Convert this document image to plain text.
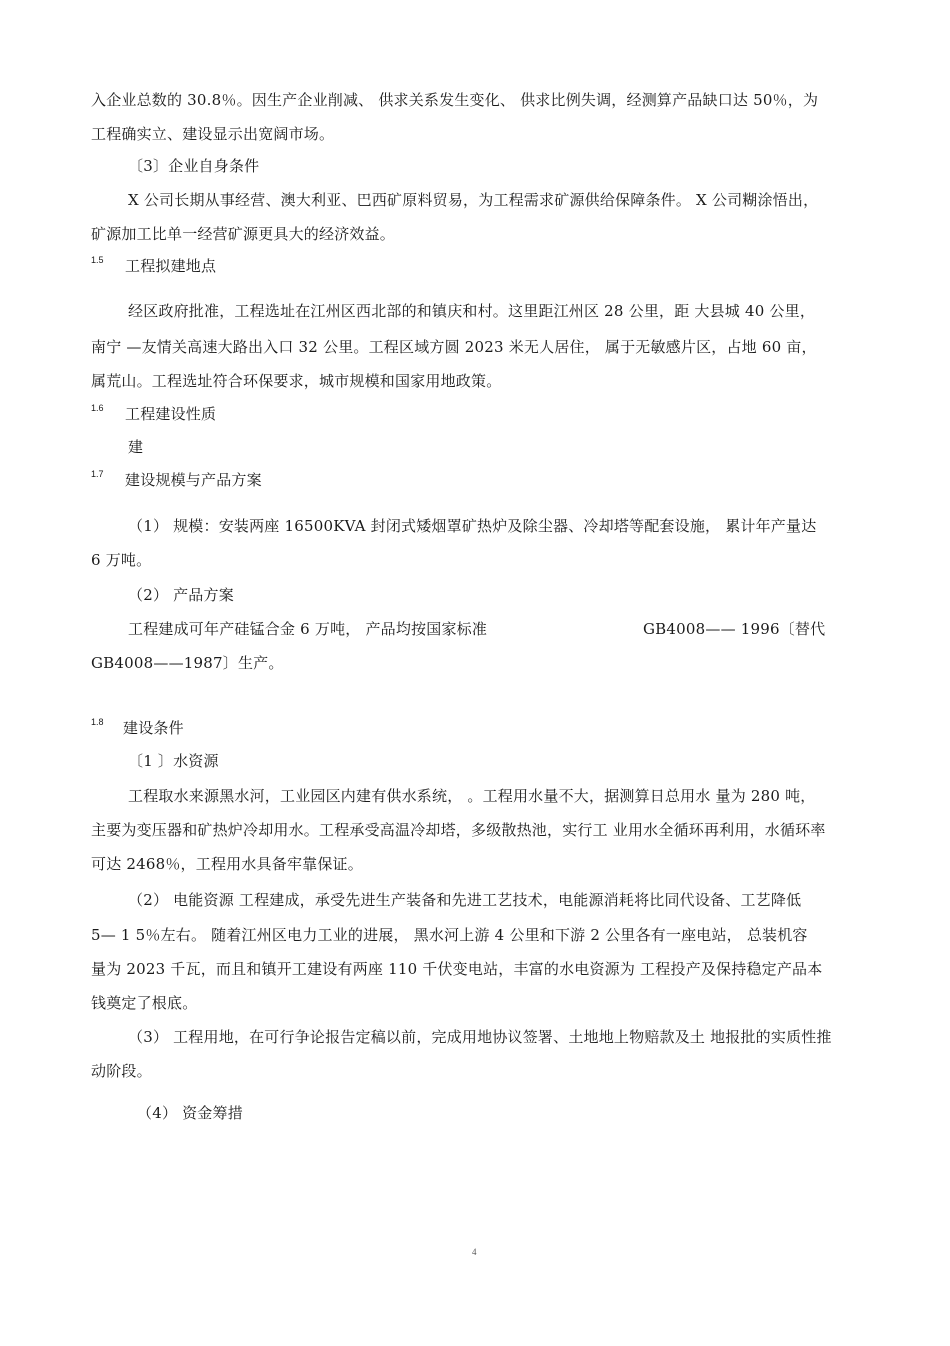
入企业总数的 30.8％。因生产企业削减、 供求关系发生变化、 供求比例失调，经测算产品缺口达 50％，为
工程确实立、建设显示出宽阔市场。
〔3〕企业自身条件
X 公司长期从事经营、澳大利亚、巴西矿原料贸易，为工程需求矿源供给保障条件。 X 公司糊涂悟出，
矿源加工比单一经营矿源更具大的经济效益。
1.5 工程拟建地点
经区政府批准，工程选址在江州区西北部的和镇庆和村。这里距江州区 28 公里，距 大县城 40 公里，
南宁 —友情关高速大路出入口 32 公里。工程区域方圆 2023 米无人居住， 属于无敏感片区，占地 60 亩，
属荒山。工程选址符合环保要求，城市规模和国家用地政策。
1.6 工程建设性质
建
1.7 建设规模与产品方案
（1） 规模：安装两座 16500KVA 封闭式矮烟罩矿热炉及除尘器、冷却塔等配套设施， 累计年产量达
6 万吨。
（2） 产品方案
工程建成可年产硅锰合金 6 万吨， 产品均按国家标准	GB4008—— 1996〔替代
GB4008——1987〕生产。
1.8 建设条件
〔1 〕水资源
工程取水来源黑水河，工业园区内建有供水系统， 。工程用水量不大，据测算日总用水 量为 280 吨，
主要为变压器和矿热炉冷却用水。工程承受高温冷却塔，多级散热池，实行工 业用水全循环再利用，水循环率
可达 2468％，工程用水具备牢靠保证。
（2） 电能资源 工程建成，承受先进生产装备和先进工艺技术，电能源消耗将比同代设备、工艺降低
5— 1 5％左右。 随着江州区电力工业的进展， 黑水河上游 4 公里和下游 2 公里各有一座电站， 总装机容
量为 2023 千瓦，而且和镇开工建设有两座 110 千伏变电站，丰富的水电资源为 工程投产及保持稳定产品本
钱奠定了根底。
（3） 工程用地，在可行争论报告定稿以前，完成用地协议签署、土地地上物赔款及土 地报批的实质性推
动阶段。
（4） 资金筹措
4
